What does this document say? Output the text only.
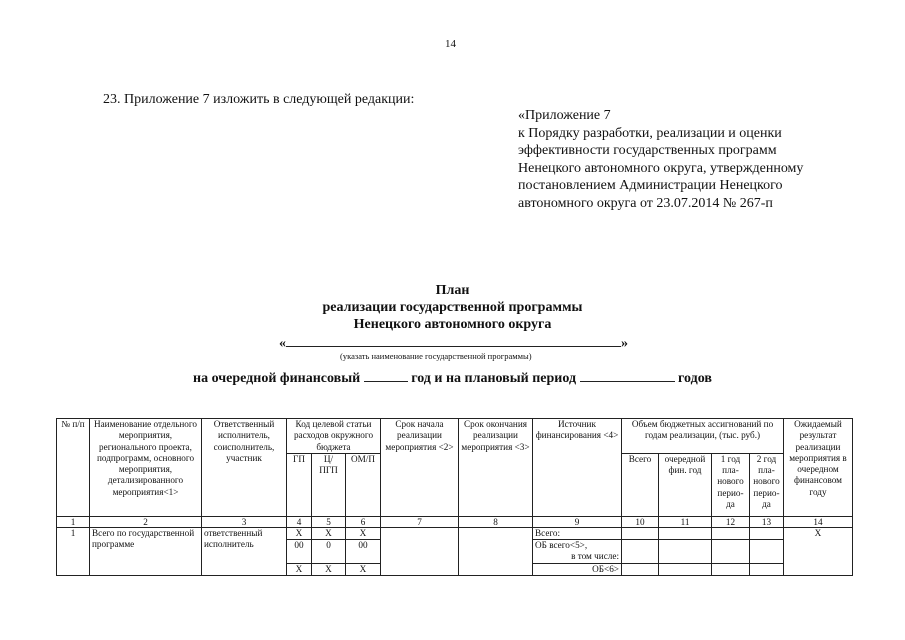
14
23. Приложение 7 изложить в следующей редакции:
«Приложение 7
к Порядку разработки, реализации и оценки
эффективности государственных программ
Ненецкого автономного округа, утвержденному
постановлением Администрации Ненецкого
автономного округа от 23.07.2014 № 267-п
План
реализации государственной программы
Ненецкого автономного округа
«	»
(указать наименование государственной программы)
на очередной финансовый	год и на плановый период	годов
№ п/п	Наименование отдельного мероприятия, регионального проекта, подпрограмм, основного мероприятия, детализированного мероприятия<1>	Ответственный исполнитель, соисполнитель, участник	Код целевой статьи расходов окружного бюджета			Срок начала реализации мероприятия <2>	Срок окончания реализации мероприятия <3>	Источник финансирования <4>	Объем бюджетных ассигнований по годам реализации, (тыс. руб.)				Ожидаемый результат реализации мероприятия в очередном финансовом году
			ГП	Ц/ ПГП	ОМ/П				Всего	очередной фин. год	1 год пла-нового перио-да	2 год пла-нового перио-да	

1	2	3	4	5	6	7	8	9	10	11	12	13	14
1	Всего по государственной программе	ответственный исполнитель	Х	Х	Х			Всего:					Х
			00	0	00			ОБ всего<5>,					
								в том числе:					
			Х	Х	Х			ОБ<6>					
